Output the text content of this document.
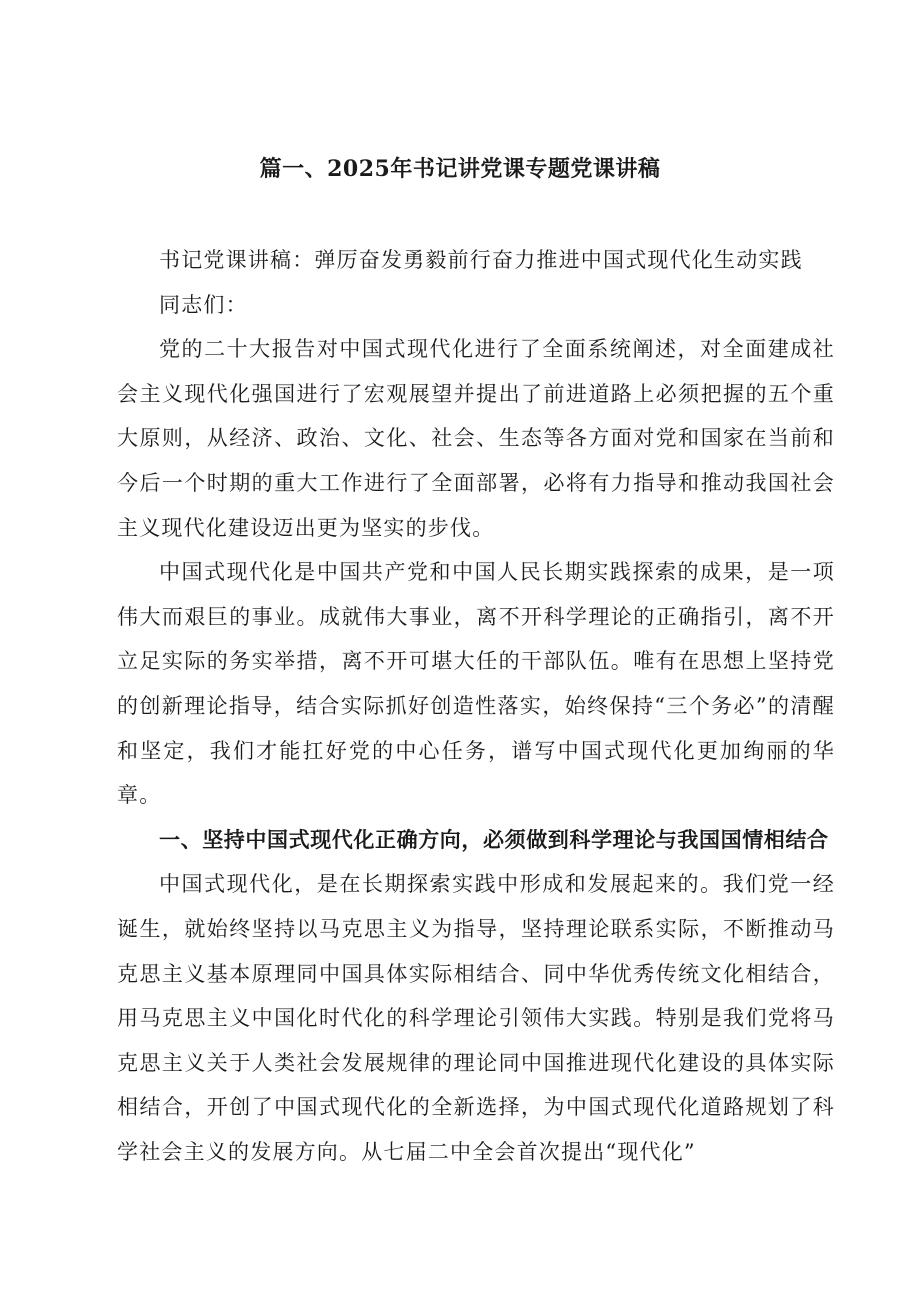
篇一、2025年书记讲党课专题党课讲稿

书记党课讲稿：弹厉奋发勇毅前行奋力推进中国式现代化生动实践

同志们：

党的二十大报告对中国式现代化进行了全面系统阐述，对全面建成社会主义现代化强国进行了宏观展望并提出了前进道路上必须把握的五个重大原则，从经济、政治、文化、社会、生态等各方面对党和国家在当前和今后一个时期的重大工作进行了全面部署，必将有力指导和推动我国社会主义现代化建设迈出更为坚实的步伐。

中国式现代化是中国共产党和中国人民长期实践探索的成果，是一项伟大而艰巨的事业。成就伟大事业，离不开科学理论的正确指引，离不开立足实际的务实举措，离不开可堪大任的干部队伍。唯有在思想上坚持党的创新理论指导，结合实际抓好创造性落实，始终保持“三个务必”的清醒和坚定，我们才能扛好党的中心任务，谱写中国式现代化更加绚丽的华章。

一、坚持中国式现代化正确方向，必须做到科学理论与我国国情相结合

中国式现代化，是在长期探索实践中形成和发展起来的。我们党一经诞生，就始终坚持以马克思主义为指导，坚持理论联系实际，不断推动马克思主义基本原理同中国具体实际相结合、同中华优秀传统文化相结合，用马克思主义中国化时代化的科学理论引领伟大实践。特别是我们党将马克思主义关于人类社会发展规律的理论同中国推进现代化建设的具体实际相结合，开创了中国式现代化的全新选择，为中国式现代化道路规划了科学社会主义的发展方向。从七届二中全会首次提出“现代化”
